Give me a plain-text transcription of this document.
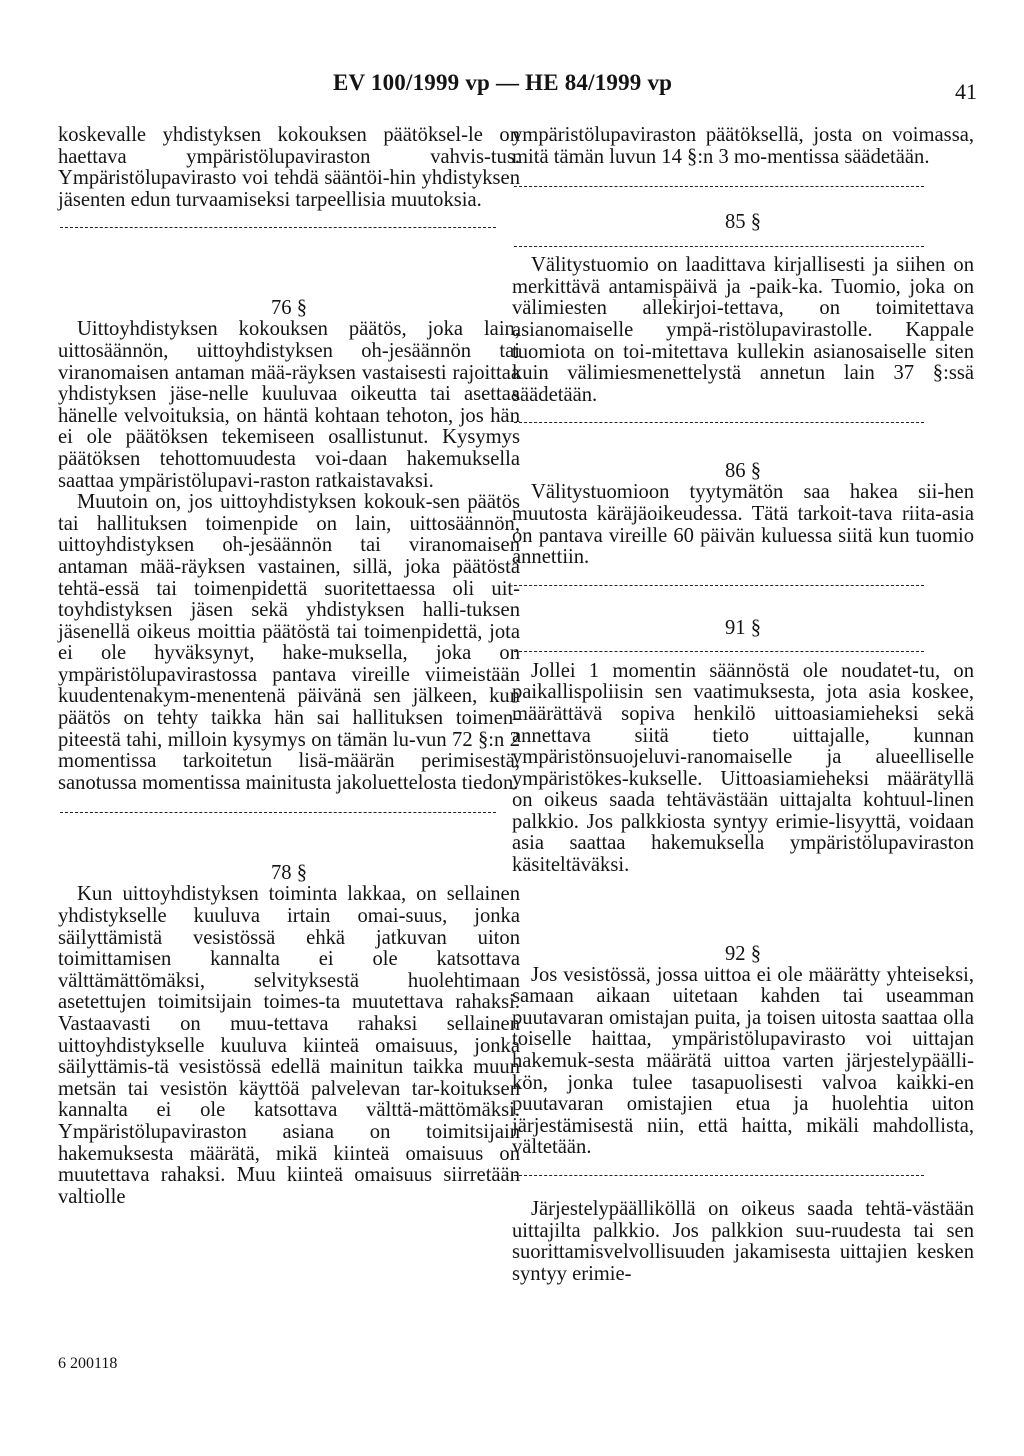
EV 100/1999 vp — HE 84/1999 vp	41

koskevalle yhdistyksen kokouksen päätöksel-le on haettava ympäristölupaviraston vahvis-tus. Ympäristölupavirasto voi tehdä sääntöi-hin yhdistyksen jäsenten edun turvaamiseksi tarpeellisia muutoksia.

76 §

Uittoyhdistyksen kokouksen päätös, joka lain, uittosäännön, uittoyhdistyksen oh-jesäännön tai viranomaisen antaman mää-räyksen vastaisesti rajoittaa yhdistyksen jäse-nelle kuuluvaa oikeutta tai asettaa hänelle velvoituksia, on häntä kohtaan tehoton, jos hän ei ole päätöksen tekemiseen osallistunut. Kysymys päätöksen tehottomuudesta voi-daan hakemuksella saattaa ympäristölupavi-raston ratkaistavaksi.

Muutoin on, jos uittoyhdistyksen kokouk-sen päätös tai hallituksen toimenpide on lain, uittosäännön, uittoyhdistyksen oh-jesäännön tai viranomaisen antaman mää-räyksen vastainen, sillä, joka päätöstä tehtä-essä tai toimenpidettä suoritettaessa oli uit-toyhdistyksen jäsen sekä yhdistyksen halli-tuksen jäsenellä oikeus moittia päätöstä tai toimenpidettä, jota ei ole hyväksynyt, hake-muksella, joka on ympäristölupavirastossa pantava vireille viimeistään kuudentenakym-menentenä päivänä sen jälkeen, kun päätös on tehty taikka hän sai hallituksen toimen-piteestä tahi, milloin kysymys on tämän lu-vun 72 §:n 2 momentissa tarkoitetun lisä-määrän perimisestä, sanotussa momentissa mainitusta jakoluettelosta tiedon.

78 §

Kun uittoyhdistyksen toiminta lakkaa, on sellainen yhdistykselle kuuluva irtain omai-suus, jonka säilyttämistä vesistössä ehkä jatkuvan uiton toimittamisen kannalta ei ole katsottava välttämättömäksi, selvityksestä huolehtimaan asetettujen toimitsijain toimes-ta muutettava rahaksi. Vastaavasti on muu-tettava rahaksi sellainen uittoyhdistykselle kuuluva kiinteä omaisuus, jonka säilyttämis-tä vesistössä edellä mainitun taikka muun metsän tai vesistön käyttöä palvelevan tar-koituksen kannalta ei ole katsottava välttä-mättömäksi. Ympäristölupaviraston asiana on toimitsijain hakemuksesta määrätä, mikä kiinteä omaisuus on muutettava rahaksi. Muu kiinteä omaisuus siirretään valtiolle

ympäristölupaviraston päätöksellä, josta on voimassa, mitä tämän luvun 14 §:n 3 mo-mentissa säädetään.

85 §

Välitystuomio on laadittava kirjallisesti ja siihen on merkittävä antamispäivä ja -paik-ka. Tuomio, joka on välimiesten allekirjoi-tettava, on toimitettava asianomaiselle ympä-ristölupavirastolle. Kappale tuomiota on toi-mitettava kullekin asianosaiselle siten kuin välimiesmenettelystä annetun lain 37 §:ssä säädetään.

86 §

Välitystuomioon tyytymätön saa hakea sii-hen muutosta käräjäoikeudessa. Tätä tarkoit-tava riita-asia on pantava vireille 60 päivän kuluessa siitä kun tuomio annettiin.

91 §

Jollei 1 momentin säännöstä ole noudatet-tu, on paikallispoliisin sen vaatimuksesta, jota asia koskee, määrättävä sopiva henkilö uittoasiamieheksi sekä annettava siitä tieto uittajalle, kunnan ympäristönsuojeluvi-ranomaiselle ja alueelliselle ympäristökes-kukselle. Uittoasiamieheksi määrätyllä on oikeus saada tehtävästään uittajalta kohtuul-linen palkkio. Jos palkkiosta syntyy erimie-lisyyttä, voidaan asia saattaa hakemuksella ympäristölupaviraston käsiteltäväksi.

92 §

Jos vesistössä, jossa uittoa ei ole määrätty yhteiseksi, samaan aikaan uitetaan kahden tai useamman puutavaran omistajan puita, ja toisen uitosta saattaa olla toiselle haittaa, ympäristölupavirasto voi uittajan hakemuk-sesta määrätä uittoa varten järjestelypäälli-kön, jonka tulee tasapuolisesti valvoa kaikki-en puutavaran omistajien etua ja huolehtia uiton järjestämisestä niin, että haitta, mikäli mahdollista, vältetään.

Järjestelypäälliköllä on oikeus saada tehtä-västään uittajilta palkkio. Jos palkkion suu-ruudesta tai sen suorittamisvelvollisuuden jakamisesta uittajien kesken syntyy erimie-

6 200118
